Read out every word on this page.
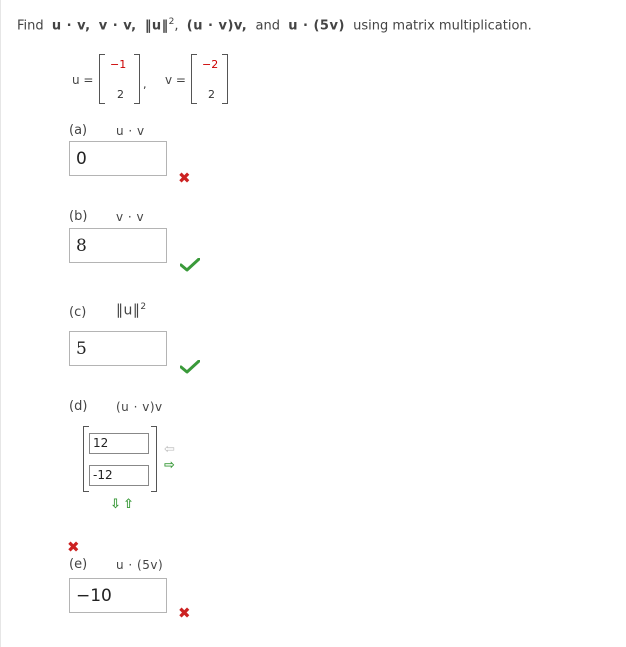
Find u · v, v · v, ‖u‖$^2$, (u · v)v, and u · (5v) using matrix multiplication.
u =
−1
2
, v =
−2
2
(a) u · v
0
✖
(b) v · v
8
(c) ‖u‖$^2$
5
(d) (u · v)v
12
-12
⇦
⇨
⇩ ⇧
✖
(e) u · (5v)
−10
✖
